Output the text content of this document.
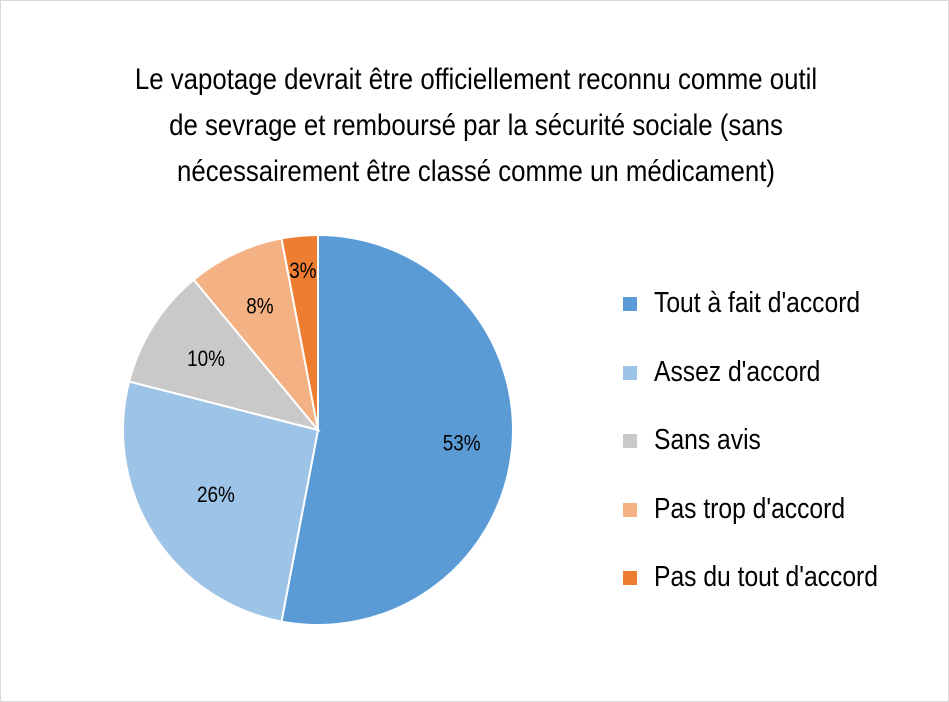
Le vapotage devrait être officiellement reconnu comme outil
de sevrage et remboursé par la sécurité sociale (sans
nécessairement être classé comme un médicament)
53%
26%
10%
8%
3%
Tout à fait d'accord
Assez d'accord
Sans avis
Pas trop d'accord
Pas du tout d'accord
